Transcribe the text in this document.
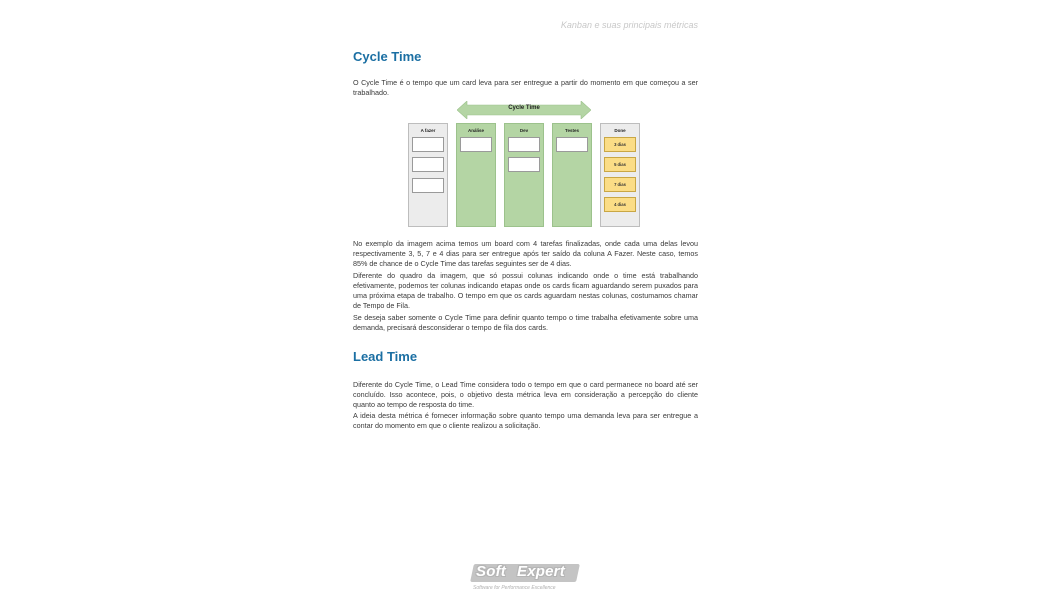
Kanban e suas principais métricas
Cycle Time

O Cycle Time é o tempo que um card leva para ser entregue a partir do momento em que começou a ser trabalhado.

Cycle Time
A fazer	Análise	Dev	Testes	Done
3 dias
5 dias
7 dias
4 dias

No exemplo da imagem acima temos um board com 4 tarefas finalizadas, onde cada uma delas levou respectivamente 3, 5, 7 e 4 dias para ser entregue após ter saído da coluna A Fazer. Neste caso, temos 85% de chance de o Cycle Time das tarefas seguintes ser de 4 dias.

Diferente do quadro da imagem, que só possui colunas indicando onde o time está trabalhando efetivamente, podemos ter colunas indicando etapas onde os cards ficam aguardando serem puxados para uma próxima etapa de trabalho. O tempo em que os cards aguardam nestas colunas, costumamos chamar de Tempo de Fila.

Se deseja saber somente o Cycle Time para definir quanto tempo o time trabalha efetivamente sobre uma demanda, precisará desconsiderar o tempo de fila dos cards.

Lead Time

Diferente do Cycle Time, o Lead Time considera todo o tempo em que o card permanece no board até ser concluído. Isso acontece, pois, o objetivo desta métrica leva em consideração a percepção do cliente quanto ao tempo de resposta do time.

A ideia desta métrica é fornecer informação sobre quanto tempo uma demanda leva para ser entregue a contar do momento em que o cliente realizou a solicitação.

Soft Expert
Software for Performance Excellence
